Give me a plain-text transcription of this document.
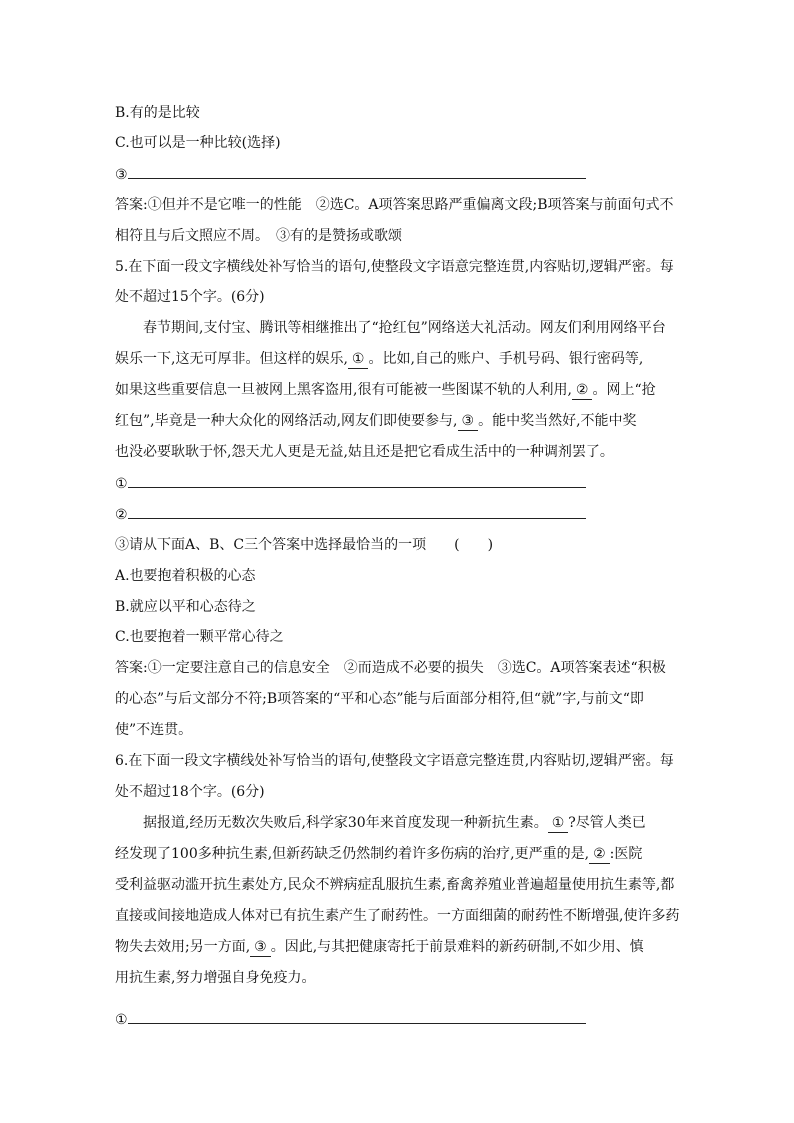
B.有的是比较
C.也可以是一种比较(选择)
③
答案:①但并不是它唯一的性能　②选C。A项答案思路严重偏离文段;B项答案与前面句式不
相符且与后文照应不周。　③有的是赞扬或歌颂
5.在下面一段文字横线处补写恰当的语句,使整段文字语意完整连贯,内容贴切,逻辑严密。每
处不超过15个字。(6分)
春节期间,支付宝、腾讯等相继推出了“抢红包”网络送大礼活动。网友们利用网络平台
娱乐一下,这无可厚非。但这样的娱乐, ① 。比如,自己的账户、手机号码、银行密码等,
如果这些重要信息一旦被网上黑客盗用,很有可能被一些图谋不轨的人利用, ② 。网上“抢
红包”,毕竟是一种大众化的网络活动,网友们即使要参与, ③ 。能中奖当然好,不能中奖
也没必要耿耿于怀,怨天尤人更是无益,姑且还是把它看成生活中的一种调剂罢了。
①
②
③请从下面A、B、C三个答案中选择最恰当的一项　　(　　)
A.也要抱着积极的心态
B.就应以平和心态待之
C.也要抱着一颗平常心待之
答案:①一定要注意自己的信息安全　②而造成不必要的损失　③选C。A项答案表述“积极
的心态”与后文部分不符;B项答案的“平和心态”能与后面部分相符,但“就”字,与前文“即
使”不连贯。
6.在下面一段文字横线处补写恰当的语句,使整段文字语意完整连贯,内容贴切,逻辑严密。每
处不超过18个字。(6分)
据报道,经历无数次失败后,科学家30年来首度发现一种新抗生素。 ① ?尽管人类已
经发现了100多种抗生素,但新药缺乏仍然制约着许多伤病的治疗,更严重的是, ② :医院
受利益驱动滥开抗生素处方,民众不辨病症乱服抗生素,畜禽养殖业普遍超量使用抗生素等,都
直接或间接地造成人体对已有抗生素产生了耐药性。一方面细菌的耐药性不断增强,使许多药
物失去效用;另一方面, ③ 。因此,与其把健康寄托于前景难料的新药研制,不如少用、慎
用抗生素,努力增强自身免疫力。
①
